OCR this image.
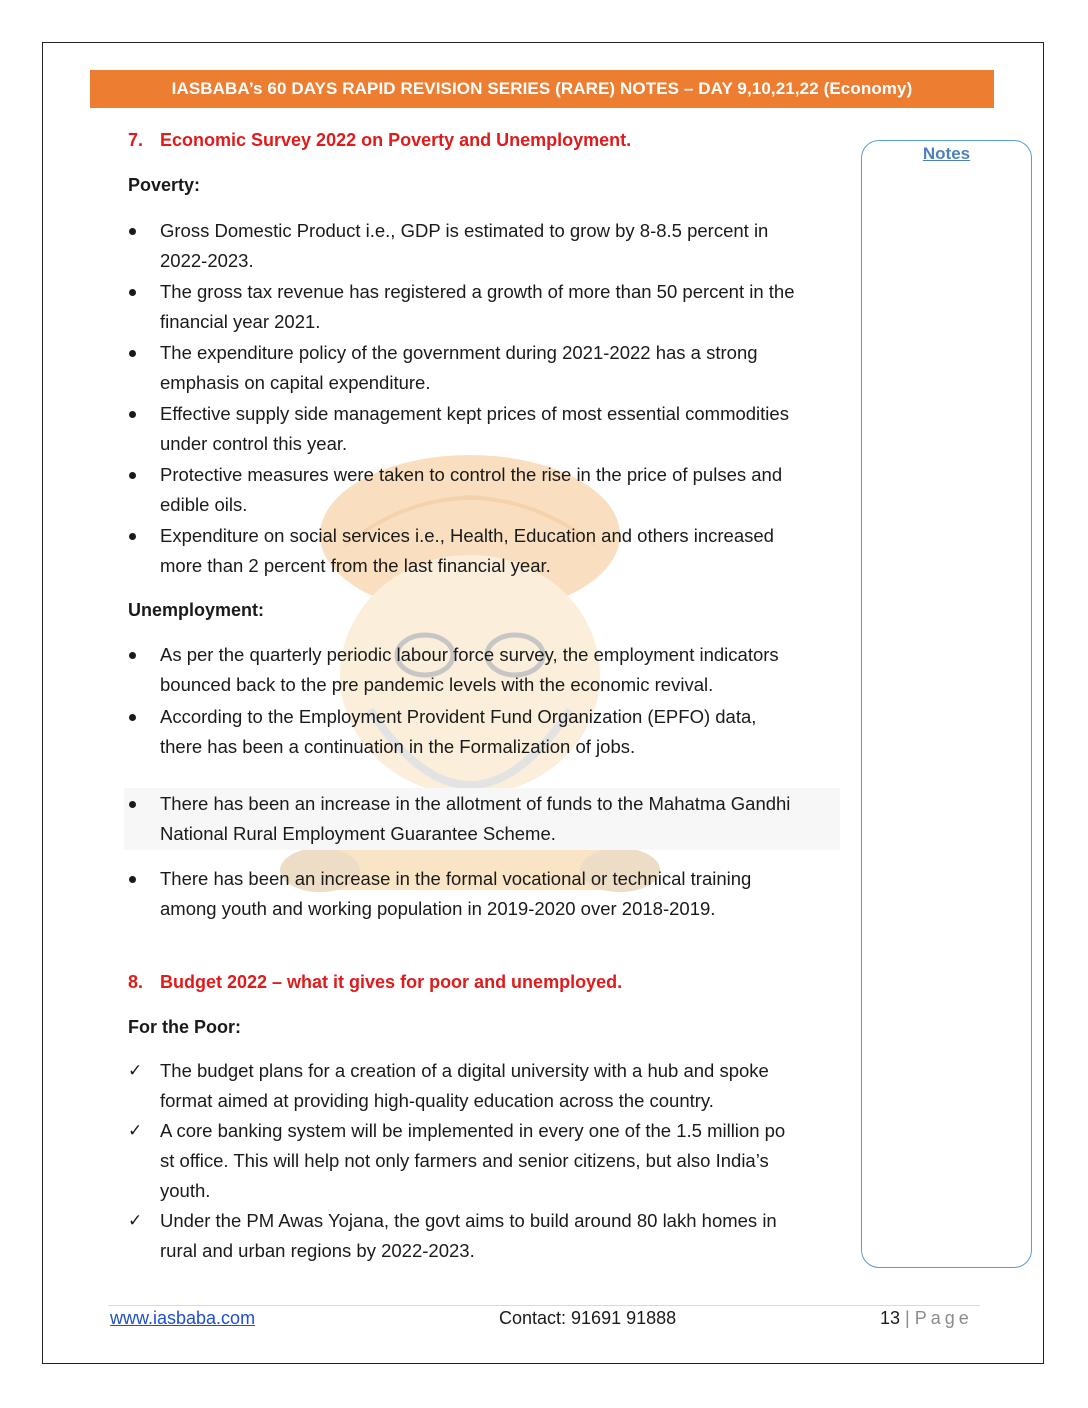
IASBABA’s 60 DAYS RAPID REVISION SERIES (RARE) NOTES – DAY 9,10,21,22 (Economy)
Notes
7. Economic Survey 2022 on Poverty and Unemployment.
Poverty:
Gross Domestic Product i.e., GDP is estimated to grow by 8-8.5 percent in
2022-2023.
The gross tax revenue has registered a growth of more than 50 percent in the
financial year 2021.
The expenditure policy of the government during 2021-2022 has a strong
emphasis on capital expenditure.
Effective supply side management kept prices of most essential commodities
under control this year.
Protective measures were taken to control the rise in the price of pulses and
edible oils.
Expenditure on social services i.e., Health, Education and others increased
more than 2 percent from the last financial year.
Unemployment:
As per the quarterly periodic labour force survey, the employment indicators
bounced back to the pre pandemic levels with the economic revival.
According to the Employment Provident Fund Organization (EPFO) data,
there has been a continuation in the Formalization of jobs.
There has been an increase in the allotment of funds to the Mahatma Gandhi
National Rural Employment Guarantee Scheme.
There has been an increase in the formal vocational or technical training
among youth and working population in 2019-2020 over 2018-2019.
8. Budget 2022 – what it gives for poor and unemployed.
For the Poor:
✓ The budget plans for a creation of a digital university with a hub and spoke
format aimed at providing high-quality education across the country.
✓ A core banking system will be implemented in every one of the 1.5 million po
st office. This will help not only farmers and senior citizens, but also India’s
youth.
✓ Under the PM Awas Yojana, the govt aims to build around 80 lakh homes in
rural and urban regions by 2022-2023.
www.iasbaba.com	Contact: 91691 91888	13 | Page
